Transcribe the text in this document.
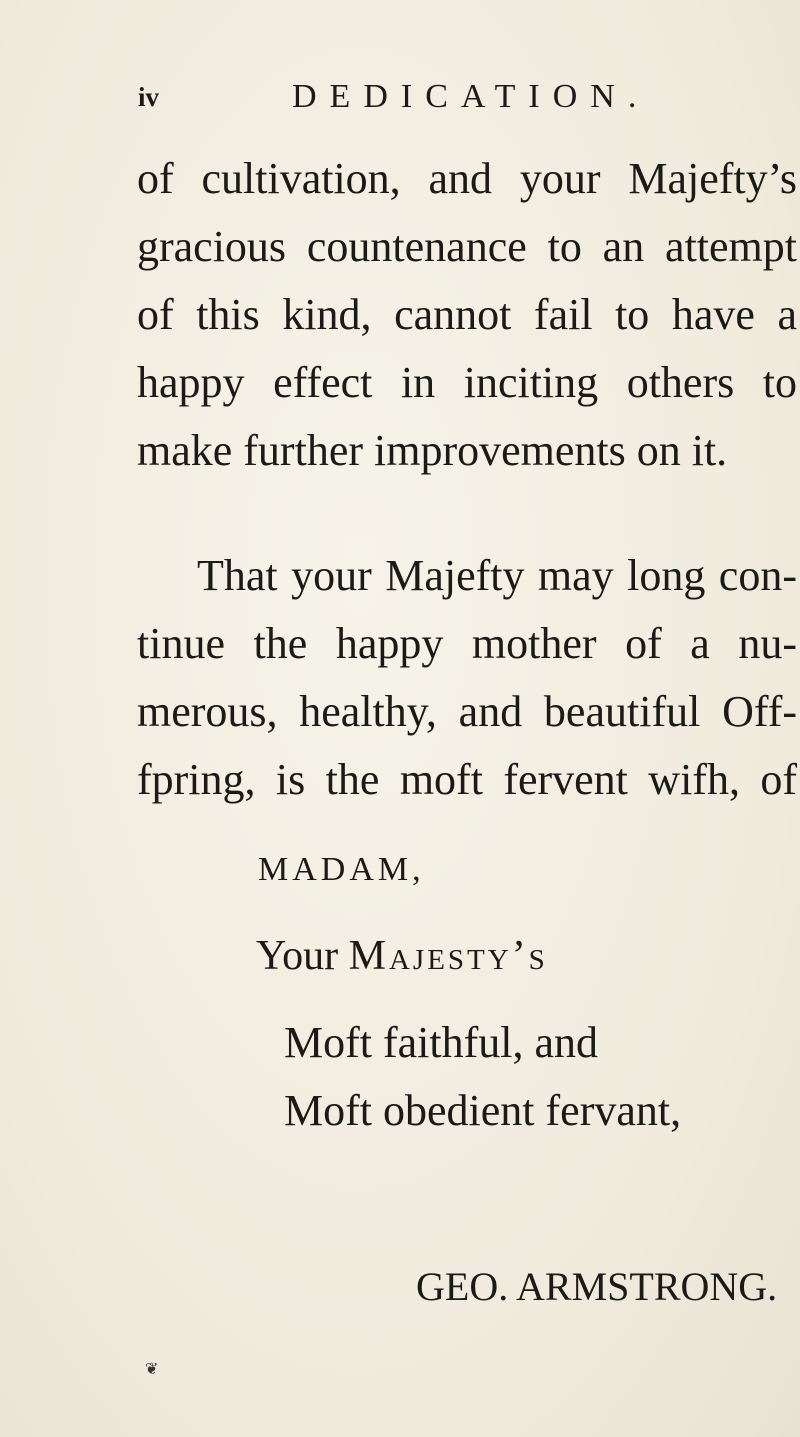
iv	DEDICATION.
of cultivation, and your Majefty’s
gracious countenance to an attempt
of this kind, cannot fail to have a
happy effect in inciting others to
make further improvements on it.
That your Majefty may long con-
tinue the happy mother of a nu-
merous, healthy, and beautiful Off-
fpring, is the moft fervent wifh, of
MADAM,
Your Majesty’s
Moft faithful, and
Moft obedient fervant,
GEO. ARMSTRONG.
❦
